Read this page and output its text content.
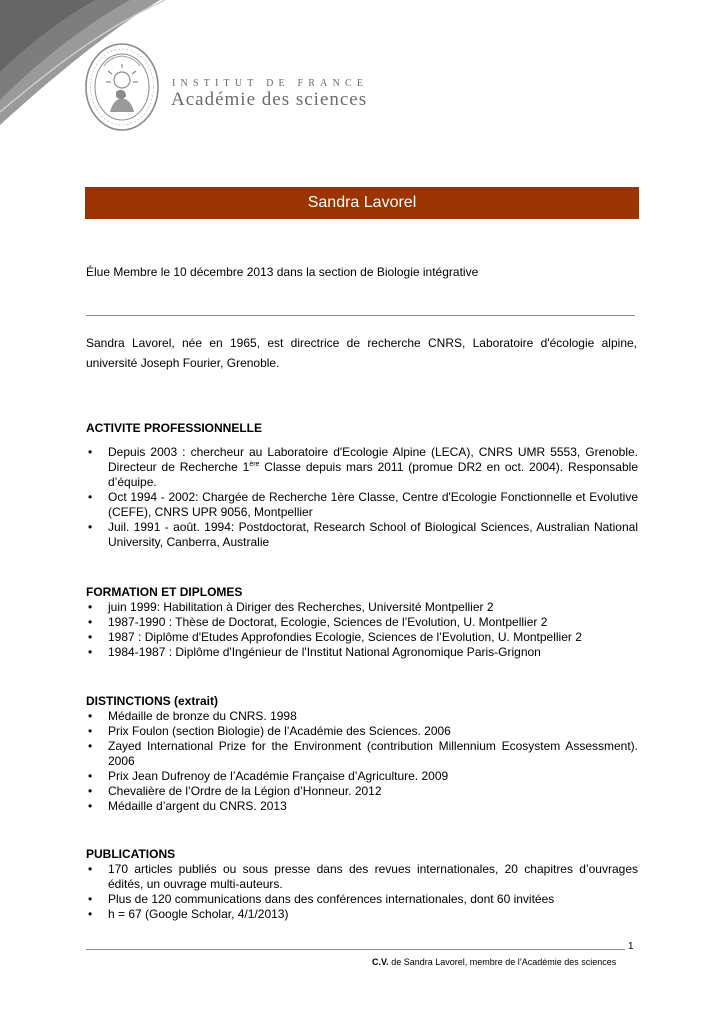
INSTITUT DE FRANCE
Académie des sciences
Sandra Lavorel
Élue Membre le 10 décembre 2013 dans la section de Biologie intégrative
Sandra Lavorel, née en 1965, est directrice de recherche CNRS, Laboratoire d'écologie alpine, université Joseph Fourier, Grenoble.
ACTIVITE PROFESSIONNELLE
• Depuis 2003 : chercheur au Laboratoire d'Ecologie Alpine (LECA), CNRS UMR 5553, Grenoble. Directeur de Recherche 1ère Classe depuis mars 2011 (promue DR2 en oct. 2004). Responsable d’équipe.
• Oct 1994 - 2002: Chargée de Recherche 1ère Classe, Centre d'Ecologie Fonctionnelle et Evolutive (CEFE), CNRS UPR 9056, Montpellier
• Juil. 1991 - août. 1994: Postdoctorat, Research School of Biological Sciences, Australian National University, Canberra, Australie
FORMATION ET DIPLOMES
• juin 1999: Habilitation à Diriger des Recherches, Université Montpellier 2
• 1987-1990 : Thèse de Doctorat, Ecologie, Sciences de l’Evolution, U. Montpellier 2
• 1987 : Diplôme d'Etudes Approfondies Ecologie, Sciences de l’Evolution, U. Montpellier 2
• 1984-1987 : Diplôme d'Ingénieur de l'Institut National Agronomique Paris-Grignon
DISTINCTIONS (extrait)
• Médaille de bronze du CNRS. 1998
• Prix Foulon (section Biologie) de l’Académie des Sciences. 2006
• Zayed International Prize for the Environment (contribution Millennium Ecosystem Assessment). 2006
• Prix Jean Dufrenoy de l’Académie Française d’Agriculture. 2009
• Chevalière de l’Ordre de la Légion d’Honneur. 2012
• Médaille d’argent du CNRS. 2013
PUBLICATIONS
• 170 articles publiés ou sous presse dans des revues internationales, 20 chapitres d’ouvrages édités, un ouvrage multi-auteurs.
• Plus de 120 communications dans des conférences internationales, dont 60 invitées
• h = 67 (Google Scholar, 4/1/2013)
1
C.V. de Sandra Lavorel, membre de l’Académie des sciences
